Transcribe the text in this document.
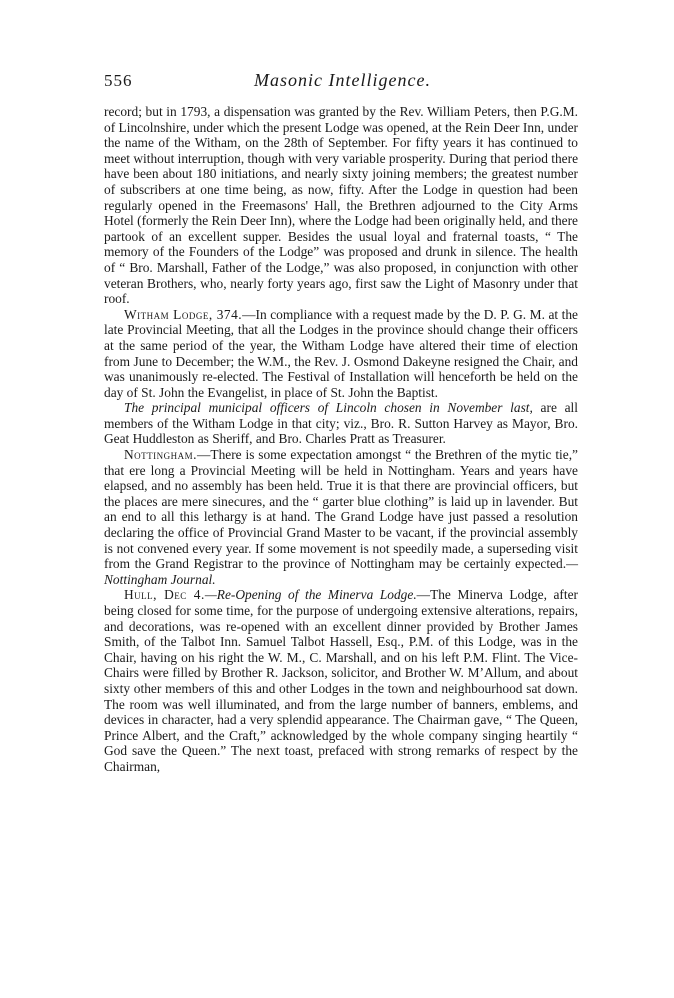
556	Masonic Intelligence.

record; but in 1793, a dispensation was granted by the Rev. William Peters, then P.G.M. of Lincolnshire, under which the present Lodge was opened, at the Rein Deer Inn, under the name of the Witham, on the 28th of September. For fifty years it has continued to meet without interruption, though with very variable prosperity. During that period there have been about 180 initiations, and nearly sixty joining members; the greatest number of subscribers at one time being, as now, fifty. After the Lodge in question had been regularly opened in the Freemasons' Hall, the Brethren adjourned to the City Arms Hotel (formerly the Rein Deer Inn), where the Lodge had been originally held, and there partook of an excellent supper. Besides the usual loyal and fraternal toasts, “ The memory of the Founders of the Lodge” was proposed and drunk in silence. The health of “ Bro. Marshall, Father of the Lodge,” was also proposed, in conjunction with other veteran Brothers, who, nearly forty years ago, first saw the Light of Masonry under that roof.

Witham Lodge, 374.—In compliance with a request made by the D. P. G. M. at the late Provincial Meeting, that all the Lodges in the province should change their officers at the same period of the year, the Witham Lodge have altered their time of election from June to December; the W.M., the Rev. J. Osmond Dakeyne resigned the Chair, and was unanimously re-elected. The Festival of Installation will henceforth be held on the day of St. John the Evangelist, in place of St. John the Baptist.

The principal municipal officers of Lincoln chosen in November last, are all members of the Witham Lodge in that city; viz., Bro. R. Sutton Harvey as Mayor, Bro. Geat Huddleston as Sheriff, and Bro. Charles Pratt as Treasurer.

Nottingham.—There is some expectation amongst “ the Brethren of the mytic tie,” that ere long a Provincial Meeting will be held in Nottingham. Years and years have elapsed, and no assembly has been held. True it is that there are provincial officers, but the places are mere sinecures, and the “ garter blue clothing” is laid up in lavender. But an end to all this lethargy is at hand. The Grand Lodge have just passed a resolution declaring the office of Provincial Grand Master to be vacant, if the provincial assembly is not convened every year. If some movement is not speedily made, a superseding visit from the Grand Registrar to the province of Nottingham may be certainly expected.—Nottingham Journal.

Hull, Dec 4.—Re-Opening of the Minerva Lodge.—The Minerva Lodge, after being closed for some time, for the purpose of undergoing extensive alterations, repairs, and decorations, was re-opened with an excellent dinner provided by Brother James Smith, of the Talbot Inn. Samuel Talbot Hassell, Esq., P.M. of this Lodge, was in the Chair, having on his right the W. M., C. Marshall, and on his left P.M. Flint. The Vice-Chairs were filled by Brother R. Jackson, solicitor, and Brother W. M’Allum, and about sixty other members of this and other Lodges in the town and neighbourhood sat down. The room was well illuminated, and from the large number of banners, emblems, and devices in character, had a very splendid appearance. The Chairman gave, “ The Queen, Prince Albert, and the Craft,” acknowledged by the whole company singing heartily “ God save the Queen.” The next toast, prefaced with strong remarks of respect by the Chairman,
